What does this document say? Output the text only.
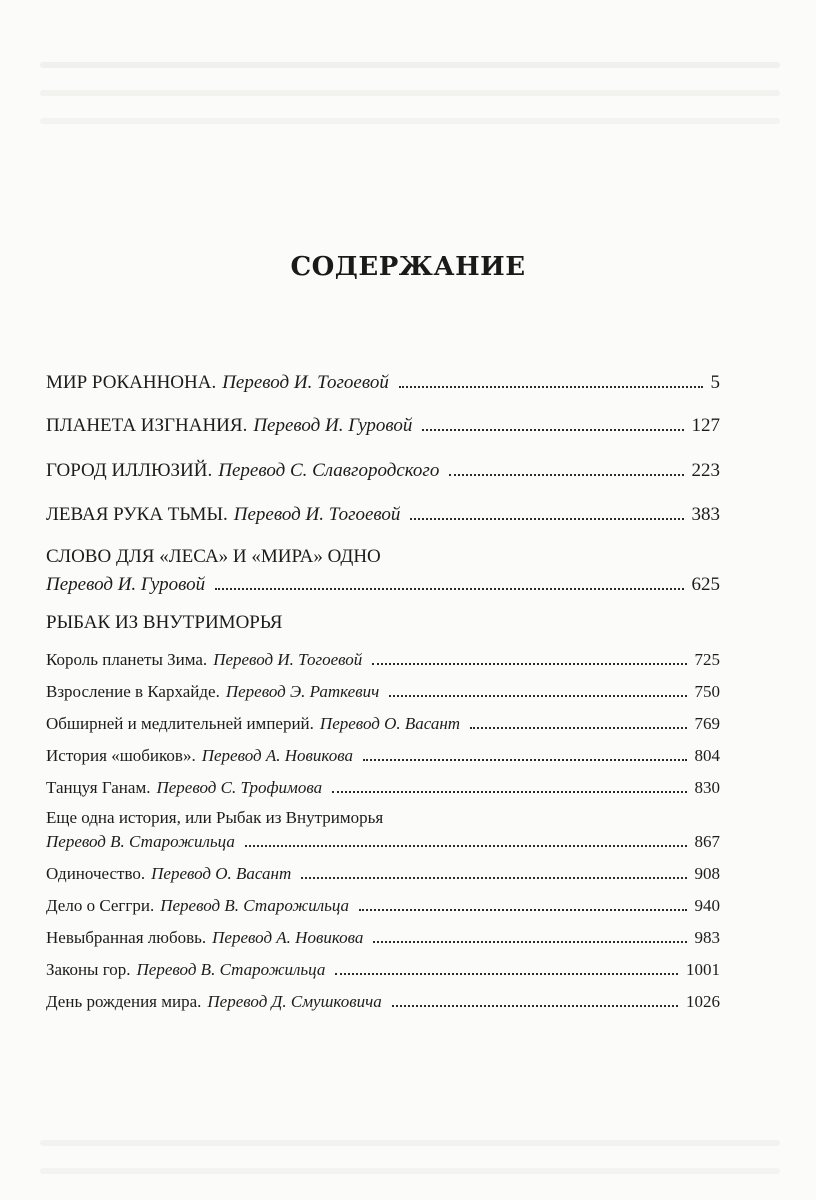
СОДЕРЖАНИЕ
МИР РОКАННОНА. Перевод И. Тогоевой	5
ПЛАНЕТА ИЗГНАНИЯ. Перевод И. Гуровой	127
ГОРОД ИЛЛЮЗИЙ. Перевод С. Славгородского	223
ЛЕВАЯ РУКА ТЬМЫ. Перевод И. Тогоевой	383
СЛОВО ДЛЯ «ЛЕСА» И «МИРА» ОДНО
Перевод И. Гуровой	625
РЫБАК ИЗ ВНУТРИМОРЬЯ
Король планеты Зима. Перевод И. Тогоевой	725
Взросление в Кархайде. Перевод Э. Раткевич	750
Обширней и медлительней империй. Перевод О. Васант	769
История «шобиков». Перевод А. Новикова	804
Танцуя Ганам. Перевод С. Трофимова	830
Еще одна история, или Рыбак из Внутриморья
Перевод В. Старожильца	867
Одиночество. Перевод О. Васант	908
Дело о Сеггри. Перевод В. Старожильца	940
Невыбранная любовь. Перевод А. Новикова	983
Законы гор. Перевод В. Старожильца	1001
День рождения мира. Перевод Д. Смушковича	1026
